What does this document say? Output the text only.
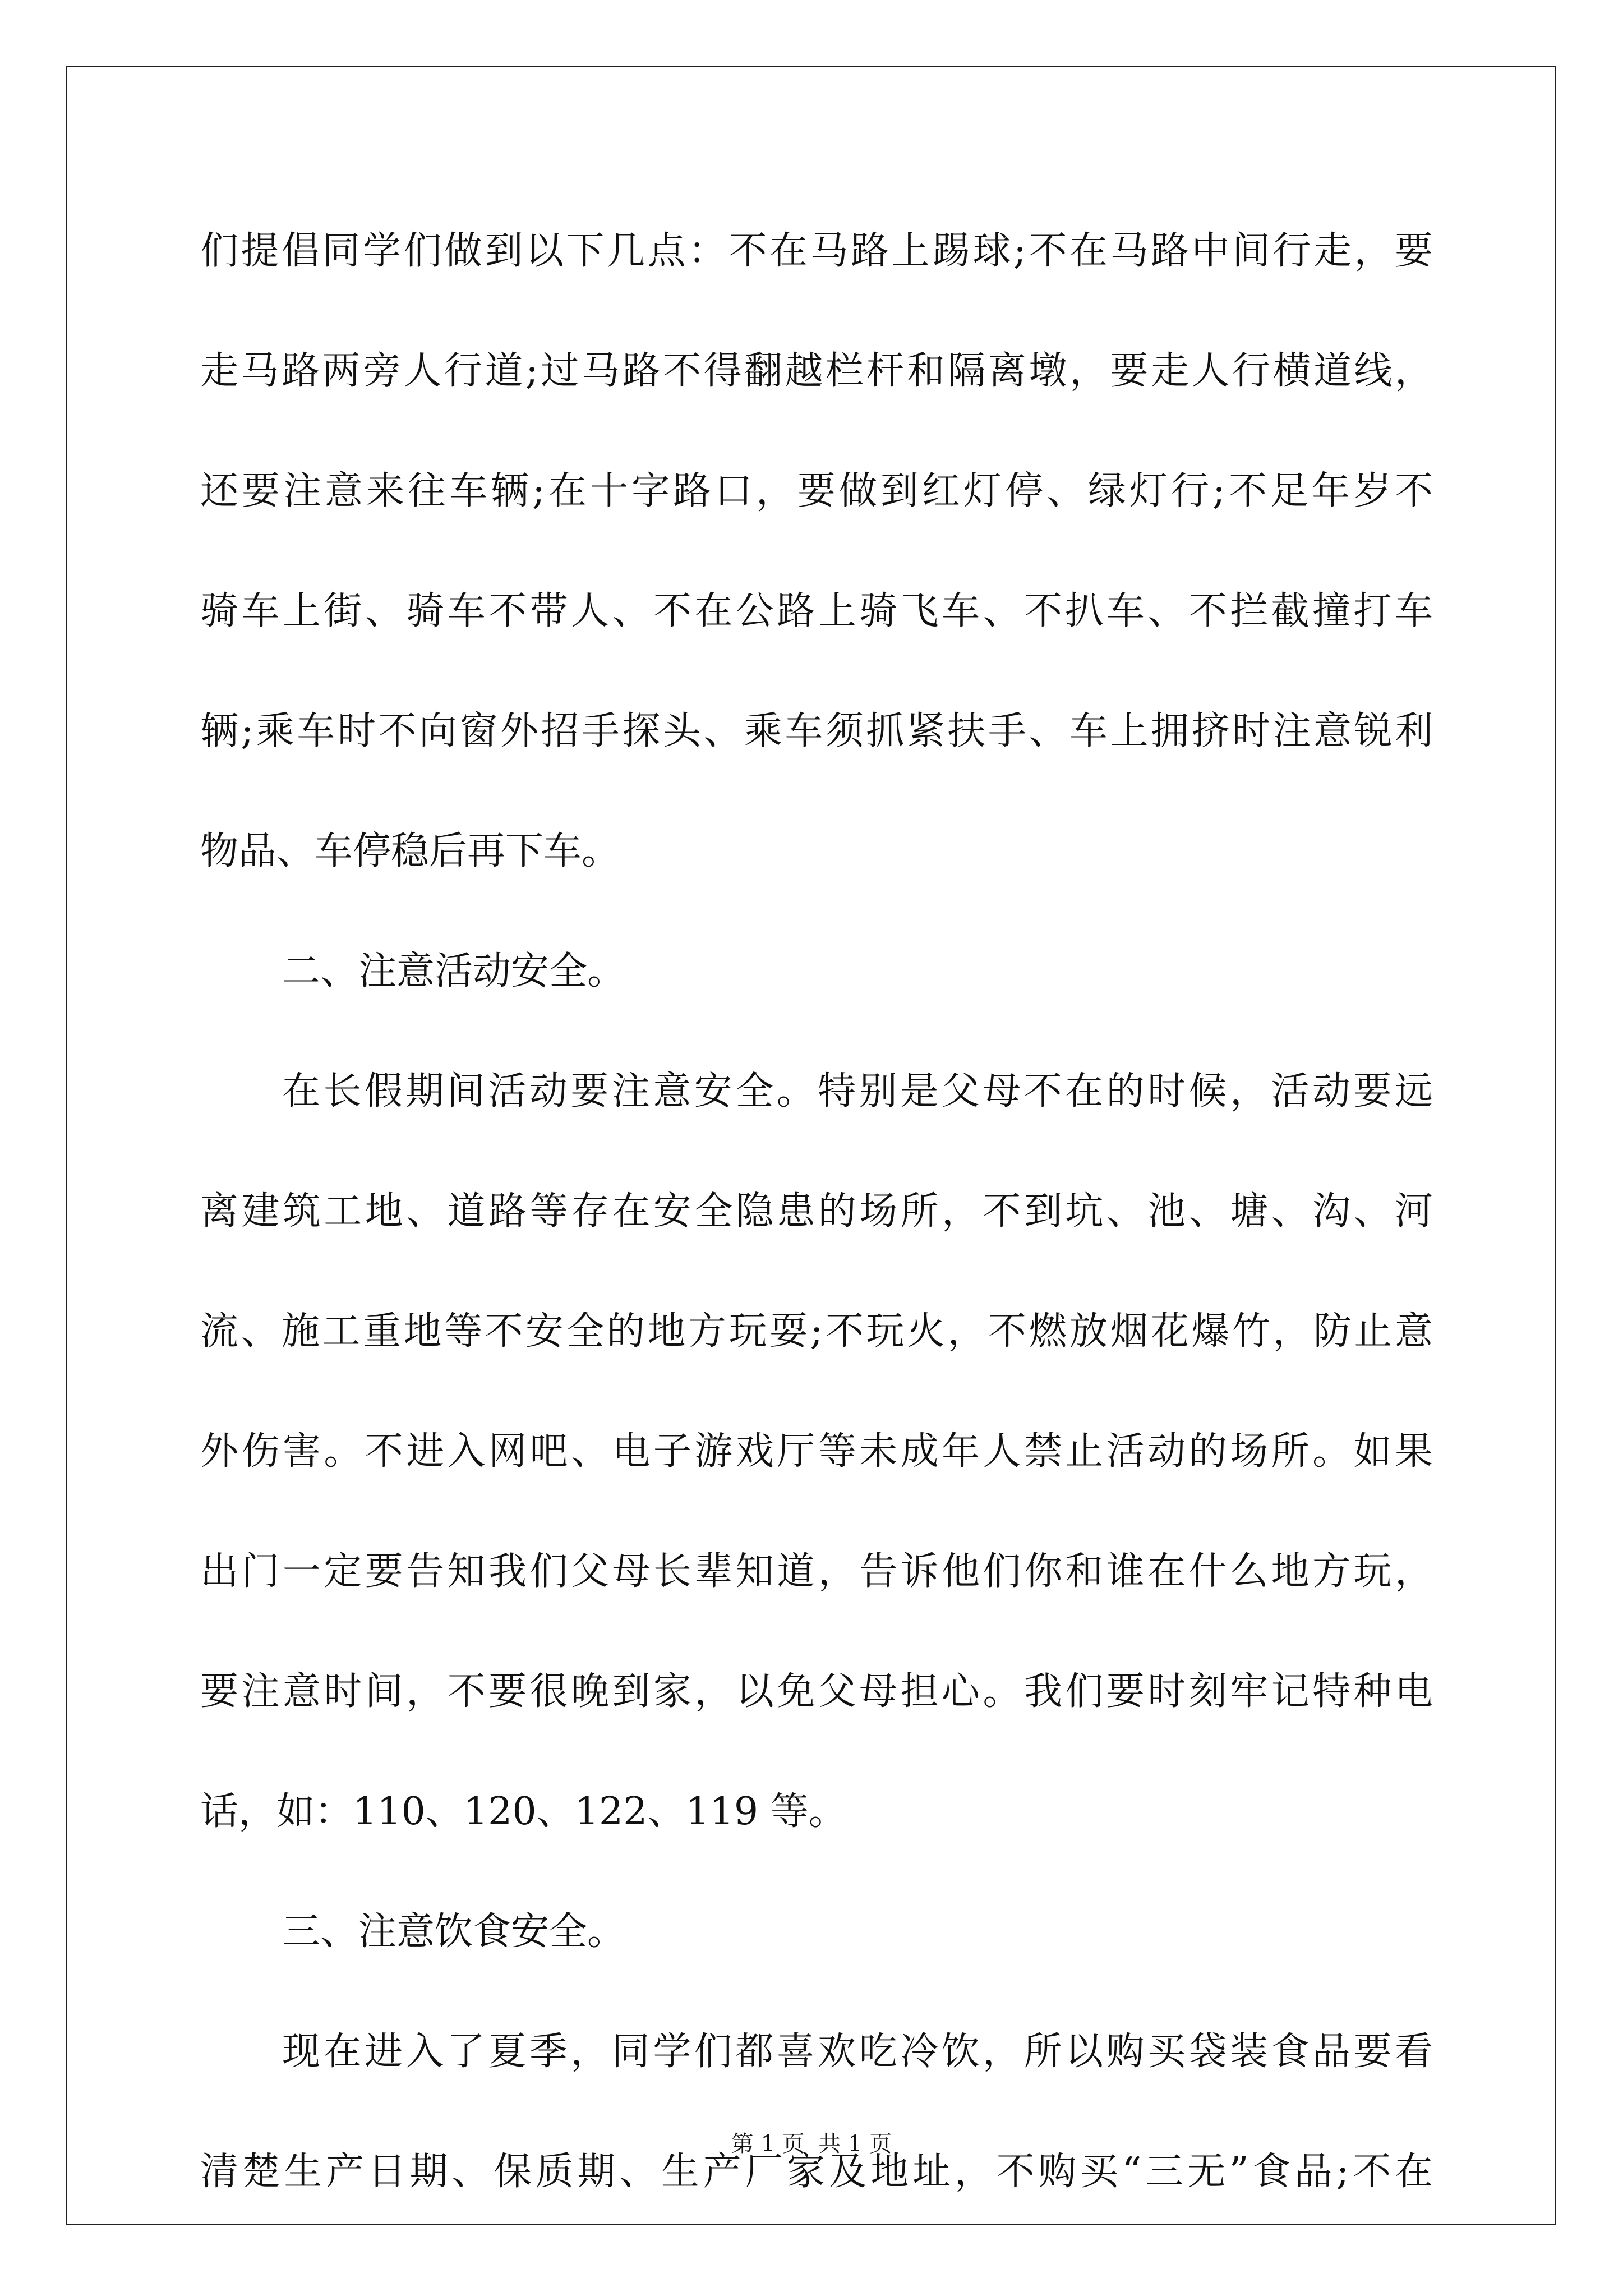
们提倡同学们做到以下几点：不在马路上踢球;不在马路中间行走，要
走马路两旁人行道;过马路不得翻越栏杆和隔离墩，要走人行横道线，
还要注意来往车辆;在十字路口，要做到红灯停、绿灯行;不足年岁不
骑车上街、骑车不带人、不在公路上骑飞车、不扒车、不拦截撞打车
辆;乘车时不向窗外招手探头、乘车须抓紧扶手、车上拥挤时注意锐利
物品、车停稳后再下车。
二、注意活动安全。
在长假期间活动要注意安全。特别是父母不在的时候，活动要远
离建筑工地、道路等存在安全隐患的场所，不到坑、池、塘、沟、河
流、施工重地等不安全的地方玩耍;不玩火，不燃放烟花爆竹，防止意
外伤害。不进入网吧、电子游戏厅等未成年人禁止活动的场所。如果
出门一定要告知我们父母长辈知道，告诉他们你和谁在什么地方玩，
要注意时间，不要很晚到家，以免父母担心。我们要时刻牢记特种电
话，如：110、120、122、119 等。
三、注意饮食安全。
现在进入了夏季，同学们都喜欢吃冷饮，所以购买袋装食品要看
清楚生产日期、保质期、生产厂家及地址，不购买“三无”食品;不在
第 1 页 共 1 页
